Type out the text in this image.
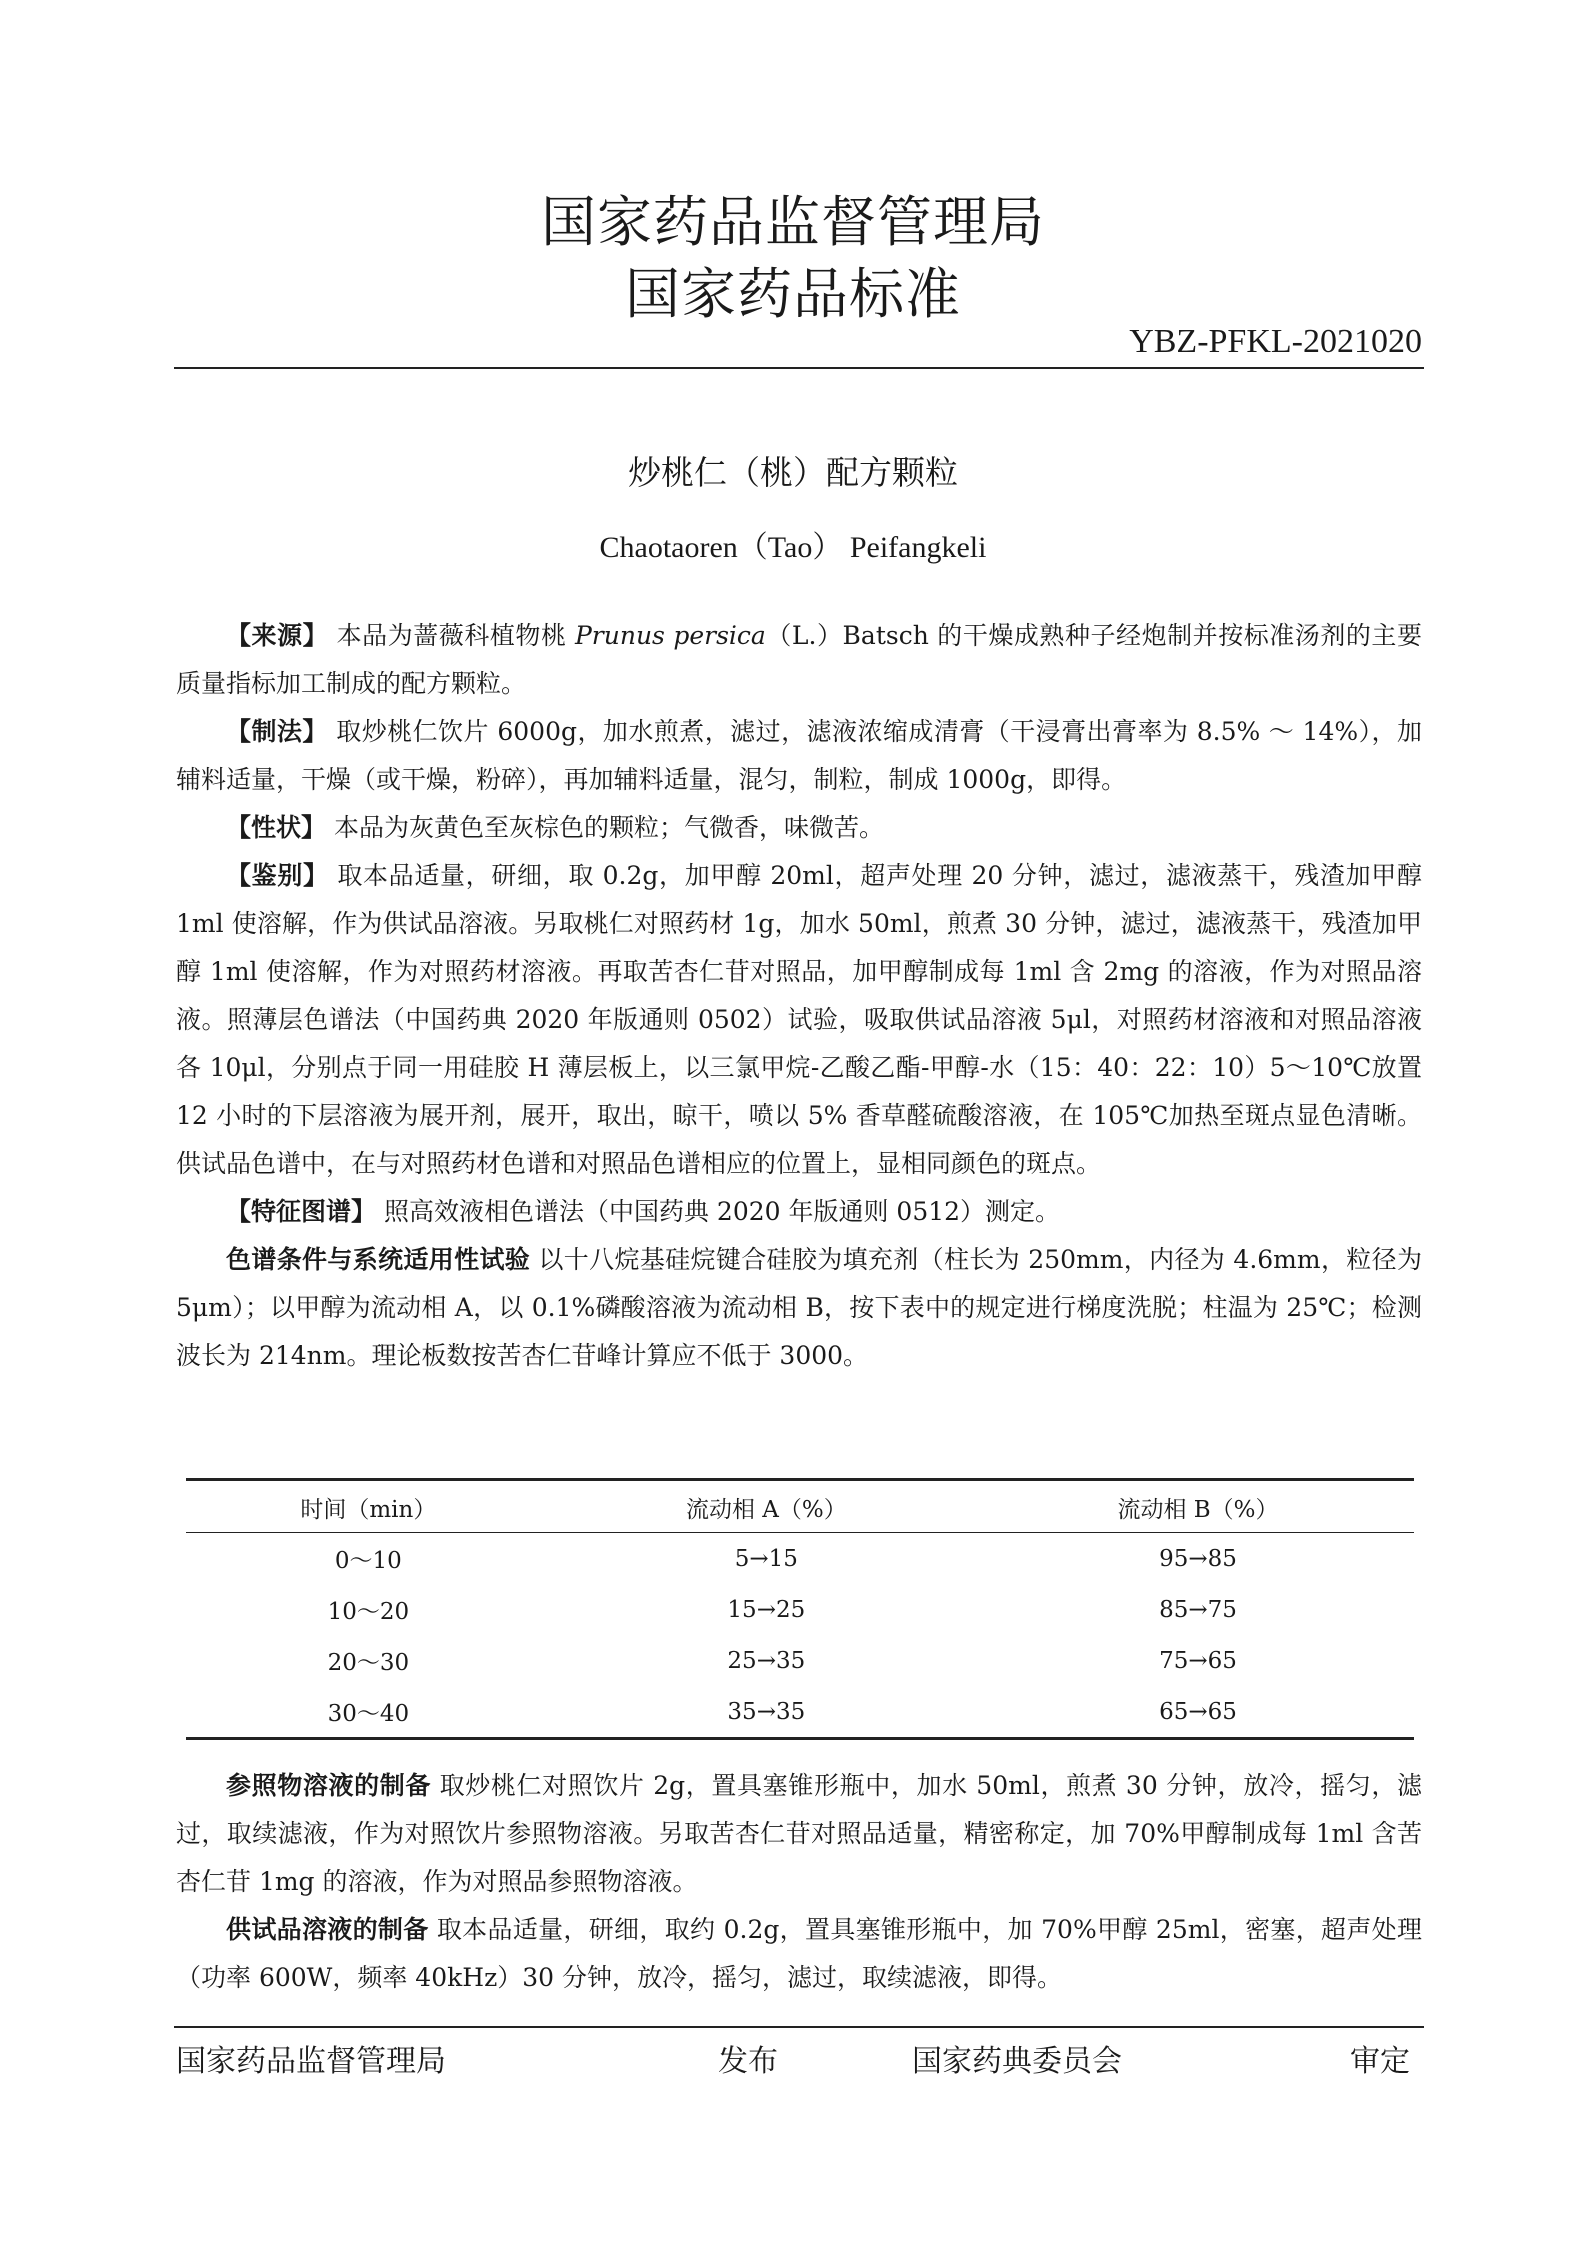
国家药品监督管理局
国家药品标准
YBZ-PFKL-2021020
炒桃仁（桃）配方颗粒
Chaotaoren（Tao） Peifangkeli

【来源】 本品为蔷薇科植物桃 Prunus persica（L.）Batsch 的干燥成熟种子经炮制并按标准汤剂的主要质量指标加工制成的配方颗粒。

【制法】 取炒桃仁饮片 6000g，加水煎煮，滤过，滤液浓缩成清膏（干浸膏出膏率为 8.5% ～ 14%），加辅料适量，干燥（或干燥，粉碎），再加辅料适量，混匀，制粒，制成 1000g，即得。

【性状】 本品为灰黄色至灰棕色的颗粒；气微香，味微苦。

【鉴别】 取本品适量，研细，取 0.2g，加甲醇 20ml，超声处理 20 分钟，滤过，滤液蒸干，残渣加甲醇 1ml 使溶解，作为供试品溶液。另取桃仁对照药材 1g，加水 50ml，煎煮 30 分钟，滤过，滤液蒸干，残渣加甲醇 1ml 使溶解，作为对照药材溶液。再取苦杏仁苷对照品，加甲醇制成每 1ml 含 2mg 的溶液，作为对照品溶液。照薄层色谱法（中国药典 2020 年版通则 0502）试验，吸取供试品溶液 5μl，对照药材溶液和对照品溶液各 10μl，分别点于同一用硅胶 H 薄层板上，以三氯甲烷-乙酸乙酯-甲醇-水（15：40：22：10）5～10℃放置 12 小时的下层溶液为展开剂，展开，取出，晾干，喷以 5% 香草醛硫酸溶液，在 105℃加热至斑点显色清晰。供试品色谱中，在与对照药材色谱和对照品色谱相应的位置上，显相同颜色的斑点。

【特征图谱】 照高效液相色谱法（中国药典 2020 年版通则 0512）测定。

色谱条件与系统适用性试验 以十八烷基硅烷键合硅胶为填充剂（柱长为 250mm，内径为 4.6mm，粒径为 5μm）；以甲醇为流动相 A，以 0.1%磷酸溶液为流动相 B，按下表中的规定进行梯度洗脱；柱温为 25℃；检测波长为 214nm。理论板数按苦杏仁苷峰计算应不低于 3000。

时间（min）	流动相 A（%）	流动相 B（%）
0～10	5→15	95→85
10～20	15→25	85→75
20～30	25→35	75→65
30～40	35→35	65→65

参照物溶液的制备 取炒桃仁对照饮片 2g，置具塞锥形瓶中，加水 50ml，煎煮 30 分钟，放冷，摇匀，滤过，取续滤液，作为对照饮片参照物溶液。另取苦杏仁苷对照品适量，精密称定，加 70%甲醇制成每 1ml 含苦杏仁苷 1mg 的溶液，作为对照品参照物溶液。

供试品溶液的制备 取本品适量，研细，取约 0.2g，置具塞锥形瓶中，加 70%甲醇 25ml，密塞，超声处理（功率 600W，频率 40kHz）30 分钟，放冷，摇匀，滤过，取续滤液，即得。

国家药品监督管理局	发布	国家药典委员会	审定
